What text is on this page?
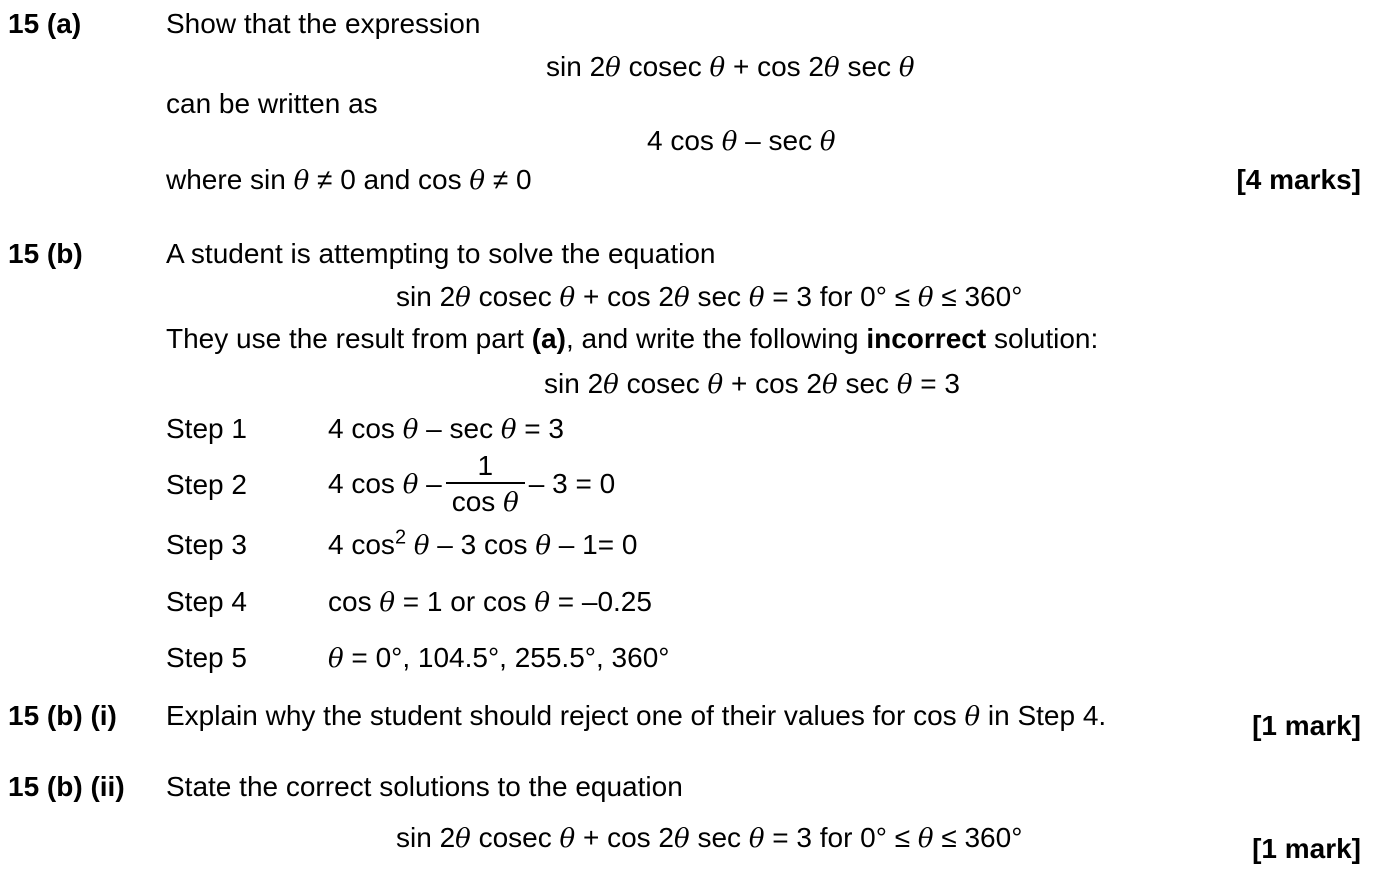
15 (a)	Show that the expression
sin 2θ cosec θ + cos 2θ sec θ
can be written as
4 cos θ – sec θ
where sin θ ≠ 0 and cos θ ≠ 0	[4 marks]
15 (b)	A student is attempting to solve the equation
sin 2θ cosec θ + cos 2θ sec θ = 3 for 0° ≤ θ ≤ 360°
They use the result from part (a), and write the following incorrect solution:
sin 2θ cosec θ + cos 2θ sec θ = 3
Step 1	4 cos θ – sec θ = 3
Step 2	4 $\cos \theta - \frac{1}{\text{cos θ}} - 3 = 0$
Step 3	4 $\cos^2 \theta - 3$ cos θ – 1= 0
Step 4	cos θ = 1 or cos θ = –0.25
Step 5	θ = 0°, 104.5°, 255.5°, 360°
15 (b) (i) Explain why the student should reject one of their values for cos θ in Step 4.	[1 mark]
15 (b) (ii) State the correct solutions to the equation
sin 2θ cosec θ + cos 2θ sec θ = 3 for 0° ≤ θ ≤ 360°	[1 mark]
